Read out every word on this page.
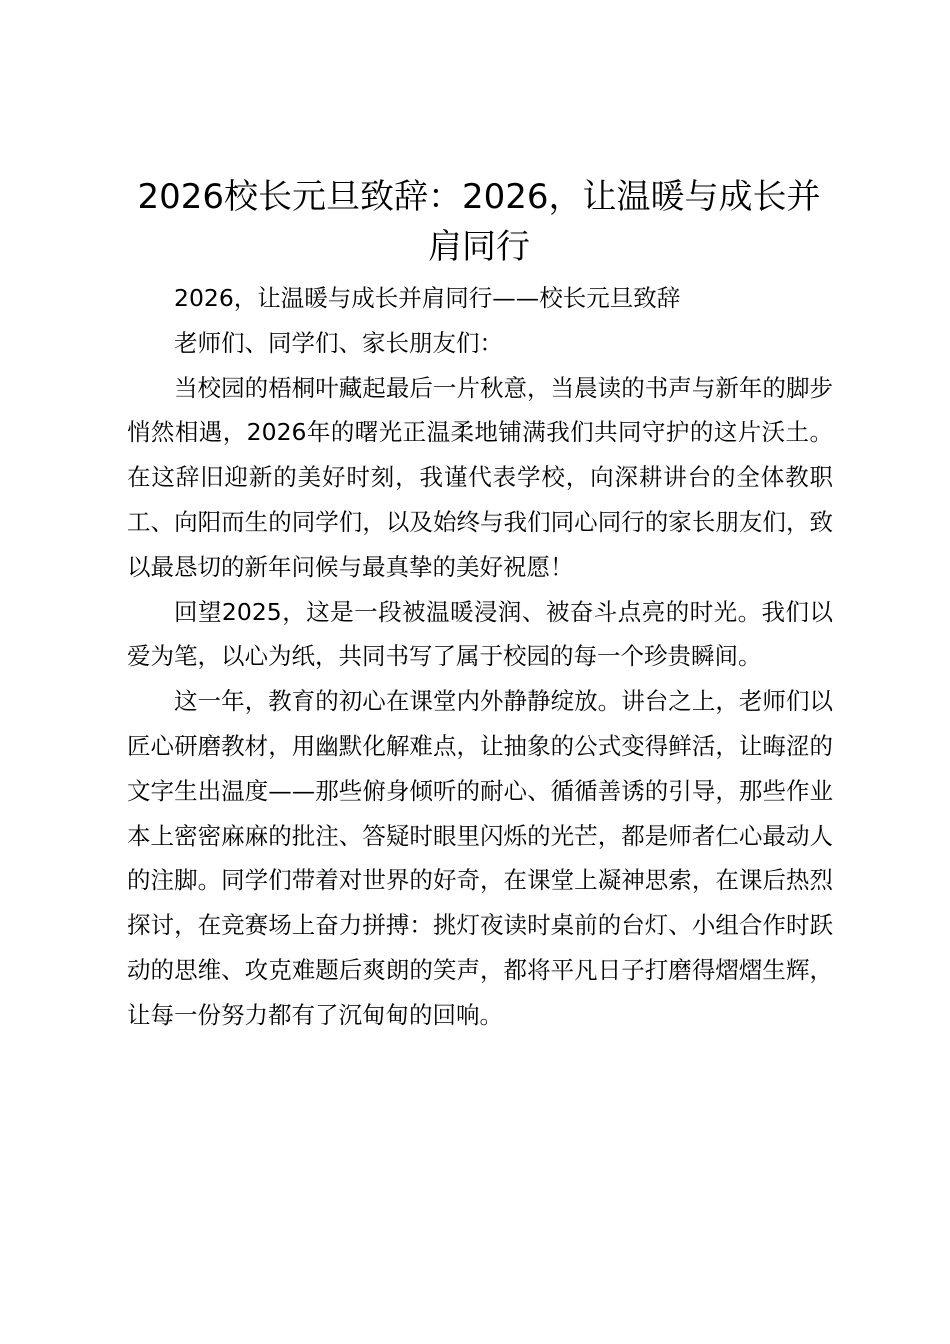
2026校长元旦致辞：2026，让温暖与成长并肩同行

2026，让温暖与成长并肩同行——校长元旦致辞

老师们、同学们、家长朋友们：

当校园的梧桐叶藏起最后一片秋意，当晨读的书声与新年的脚步悄然相遇，2026年的曙光正温柔地铺满我们共同守护的这片沃土。在这辞旧迎新的美好时刻，我谨代表学校，向深耕讲台的全体教职工、向阳而生的同学们，以及始终与我们同心同行的家长朋友们，致以最恳切的新年问候与最真挚的美好祝愿！

回望2025，这是一段被温暖浸润、被奋斗点亮的时光。我们以爱为笔，以心为纸，共同书写了属于校园的每一个珍贵瞬间。

这一年，教育的初心在课堂内外静静绽放。讲台之上，老师们以匠心研磨教材，用幽默化解难点，让抽象的公式变得鲜活，让晦涩的文字生出温度——那些俯身倾听的耐心、循循善诱的引导，那些作业本上密密麻麻的批注、答疑时眼里闪烁的光芒，都是师者仁心最动人的注脚。同学们带着对世界的好奇，在课堂上凝神思索，在课后热烈探讨，在竞赛场上奋力拼搏：挑灯夜读时桌前的台灯、小组合作时跃动的思维、攻克难题后爽朗的笑声，都将平凡日子打磨得熠熠生辉，让每一份努力都有了沉甸甸的回响。
